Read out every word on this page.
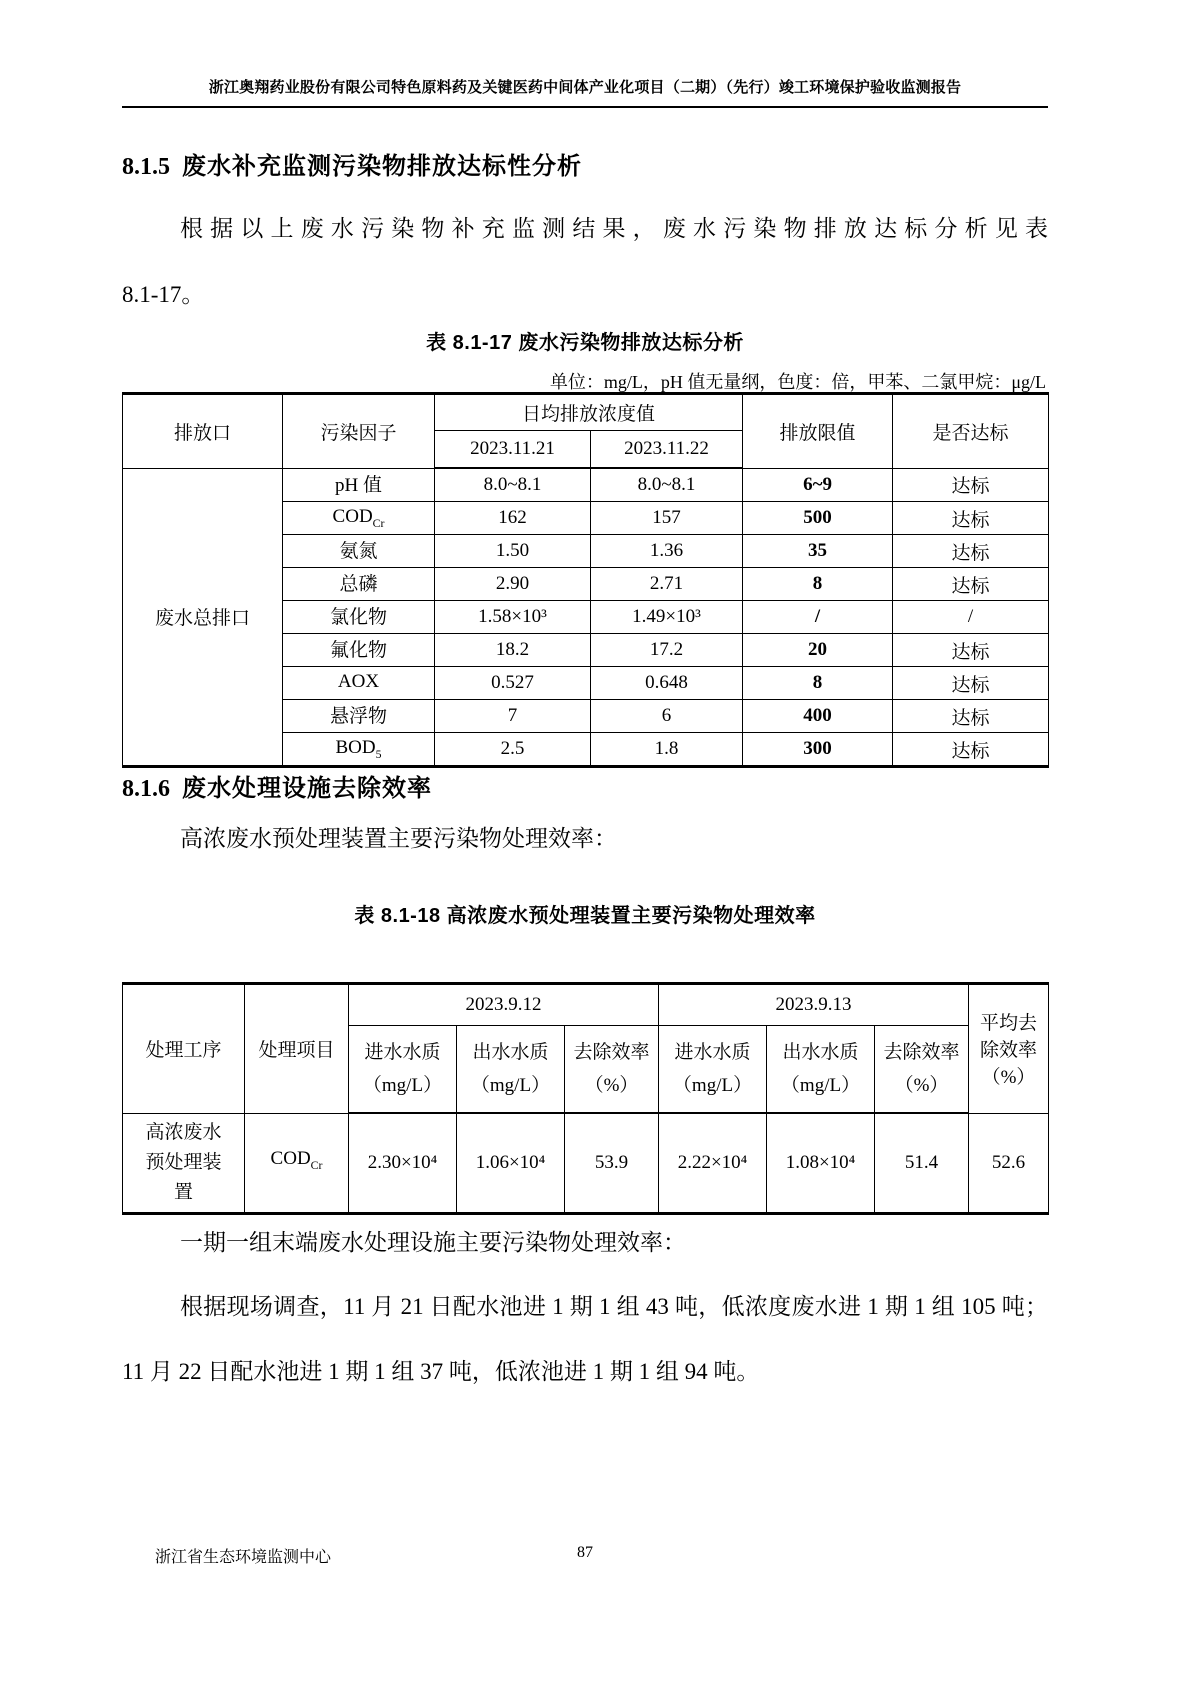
浙江奥翔药业股份有限公司特色原料药及关键医药中间体产业化项目（二期）（先行）竣工环境保护验收监测报告
8.1.5 废水补充监测污染物排放达标性分析
根据以上废水污染物补充监测结果，废水污染物排放达标分析见表
8.1-17。
表 8.1-17 废水污染物排放达标分析
单位：mg/L，pH 值无量纲，色度：倍，甲苯、二氯甲烷：μg/L
排放口	污染因子	日均排放浓度值		排放限值	是否达标
		2023.11.21	2023.11.22		
废水总排口	pH 值	8.0~8.1	8.0~8.1	6~9	达标
	$COD_{Cr}$	162	157	500	达标
	氨氮	1.50	1.36	35	达标
	总磷	2.90	2.71	8	达标
	氯化物	1.58×10³	1.49×10³	/	/
	氟化物	18.2	17.2	20	达标
	AOX	0.527	0.648	8	达标
	悬浮物	7	6	400	达标
	$BOD_5$	2.5	1.8	300	达标
8.1.6 废水处理设施去除效率
高浓废水预处理装置主要污染物处理效率：
表 8.1-18 高浓废水预处理装置主要污染物处理效率
处理工序	处理项目	2023.9.12			2023.9.13			平均去除效率（%）
		进水水质（mg/L）	出水水质（mg/L）	去除效率（%）	进水水质（mg/L）	出水水质（mg/L）	去除效率（%）	
高浓废水预处理装置	$COD_{Cr}$	2.30×10⁴	1.06×10⁴	53.9	2.22×10⁴	1.08×10⁴	51.4	52.6
一期一组末端废水处理设施主要污染物处理效率：
根据现场调查，11 月 21 日配水池进 1 期 1 组 43 吨，低浓度废水进 1 期 1 组 105 吨；11 月 22 日配水池进 1 期 1 组 37 吨，低浓池进 1 期 1 组 94 吨。
浙江省生态环境监测中心	87
